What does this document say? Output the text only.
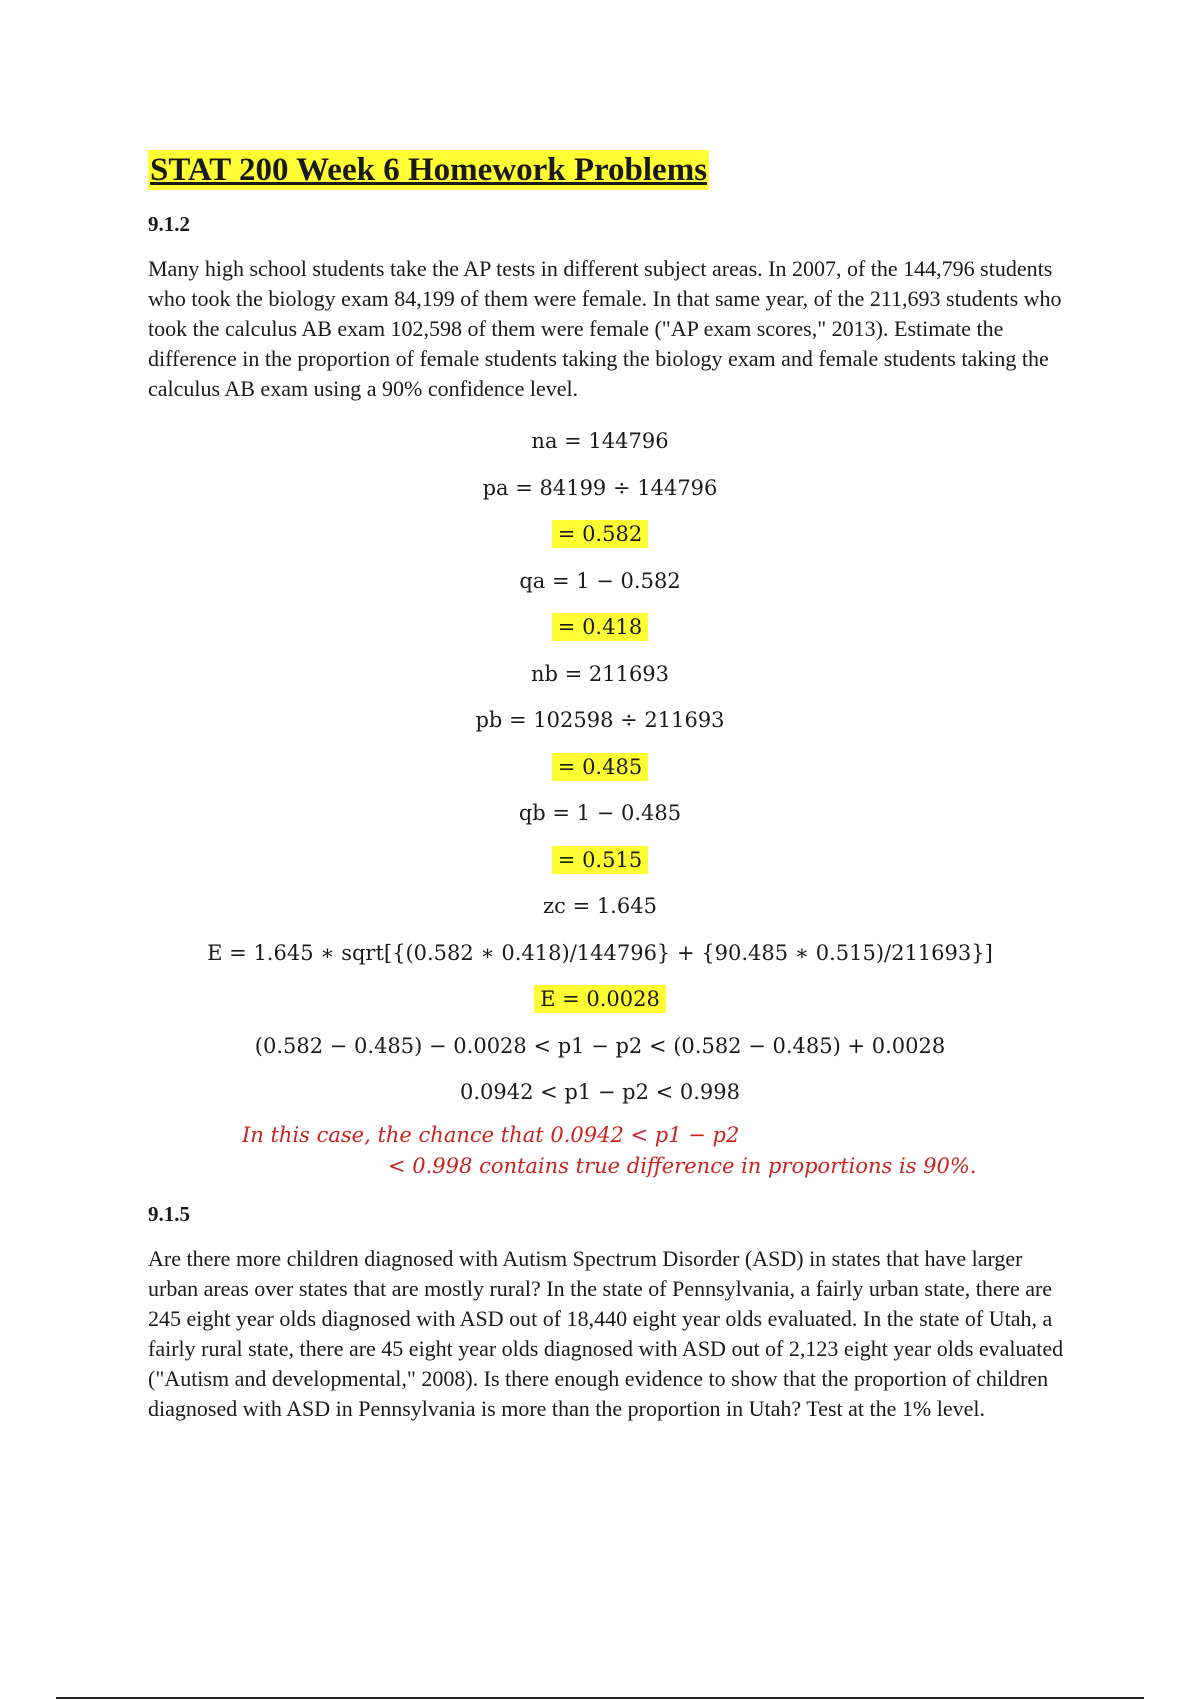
STAT 200 Week 6 Homework Problems

9.1.2

Many high school students take the AP tests in different subject areas. In 2007, of the 144,796 students who took the biology exam 84,199 of them were female. In that same year, of the 211,693 students who took the calculus AB exam 102,598 of them were female ("AP exam scores," 2013). Estimate the difference in the proportion of female students taking the biology exam and female students taking the calculus AB exam using a 90% confidence level.

na = 144796
pa = 84199 ÷ 144796
= 0.582
qa = 1 − 0.582
= 0.418
nb = 211693
pb = 102598 ÷ 211693
= 0.485
qb = 1 − 0.485
= 0.515
zc = 1.645
E = 1.645 ∗ sqrt[{(0.582 ∗ 0.418)/144796} + {90.485 ∗ 0.515)/211693}]
E = 0.0028
(0.582 − 0.485) − 0.0028 < p1 − p2 < (0.582 − 0.485) + 0.0028
0.0942 < p1 − p2 < 0.998

In this case, the chance that 0.0942 < p1 − p2
< 0.998 contains true difference in proportions is 90%.

9.1.5

Are there more children diagnosed with Autism Spectrum Disorder (ASD) in states that have larger urban areas over states that are mostly rural? In the state of Pennsylvania, a fairly urban state, there are 245 eight year olds diagnosed with ASD out of 18,440 eight year olds evaluated. In the state of Utah, a fairly rural state, there are 45 eight year olds diagnosed with ASD out of 2,123 eight year olds evaluated ("Autism and developmental," 2008). Is there enough evidence to show that the proportion of children diagnosed with ASD in Pennsylvania is more than the proportion in Utah? Test at the 1% level.
